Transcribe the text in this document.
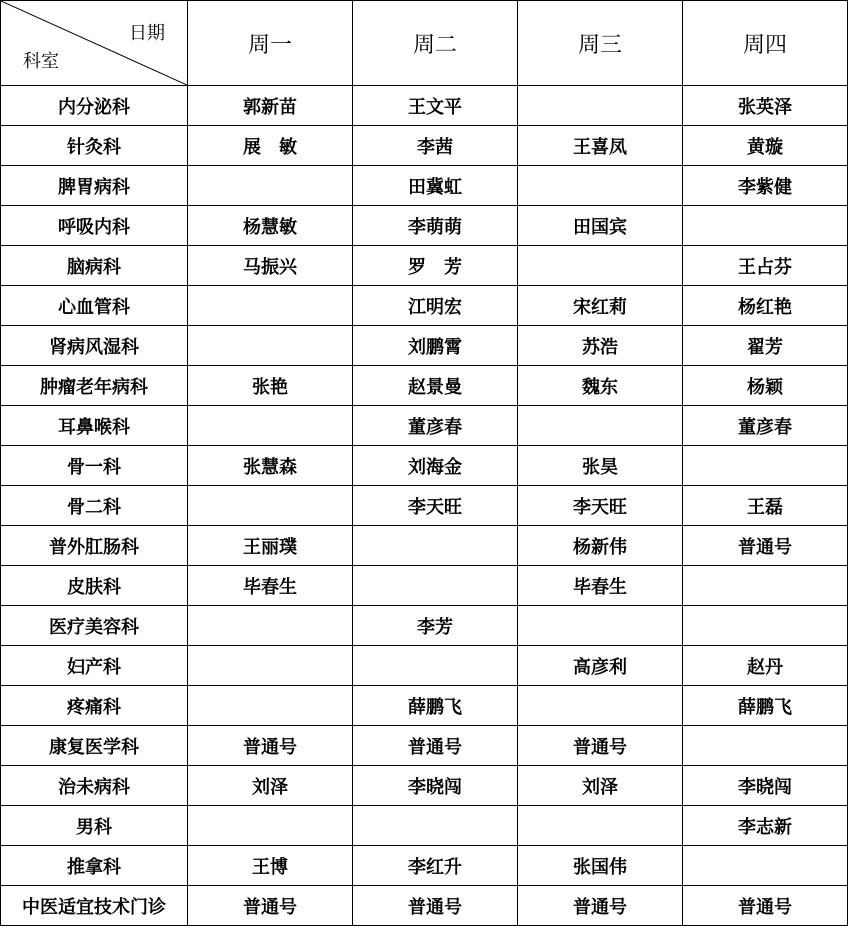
日期
科室	周一	周二	周三	周四
内分泌科	郭新苗	王文平		张英泽
针灸科	展　敏	李茜	王喜凤	黄璇
脾胃病科		田冀虹		李紫健
呼吸内科	杨慧敏	李萌萌	田国宾	
脑病科	马振兴	罗　芳		王占芬
心血管科		江明宏	宋红莉	杨红艳
肾病风湿科		刘鹏霄	苏浩	翟芳
肿瘤老年病科	张艳	赵景曼	魏东	杨颖
耳鼻喉科		董彦春		董彦春
骨一科	张慧森	刘海金	张昊	
骨二科		李天旺	李天旺	王磊
普外肛肠科	王丽璞		杨新伟	普通号
皮肤科	毕春生		毕春生	
医疗美容科		李芳		
妇产科			高彦利	赵丹
疼痛科		薛鹏飞		薛鹏飞
康复医学科	普通号	普通号	普通号	
治未病科	刘泽	李晓闯	刘泽	李晓闯
男科				李志新
推拿科	王博	李红升	张国伟	
中医适宜技术门诊	普通号	普通号	普通号	普通号
